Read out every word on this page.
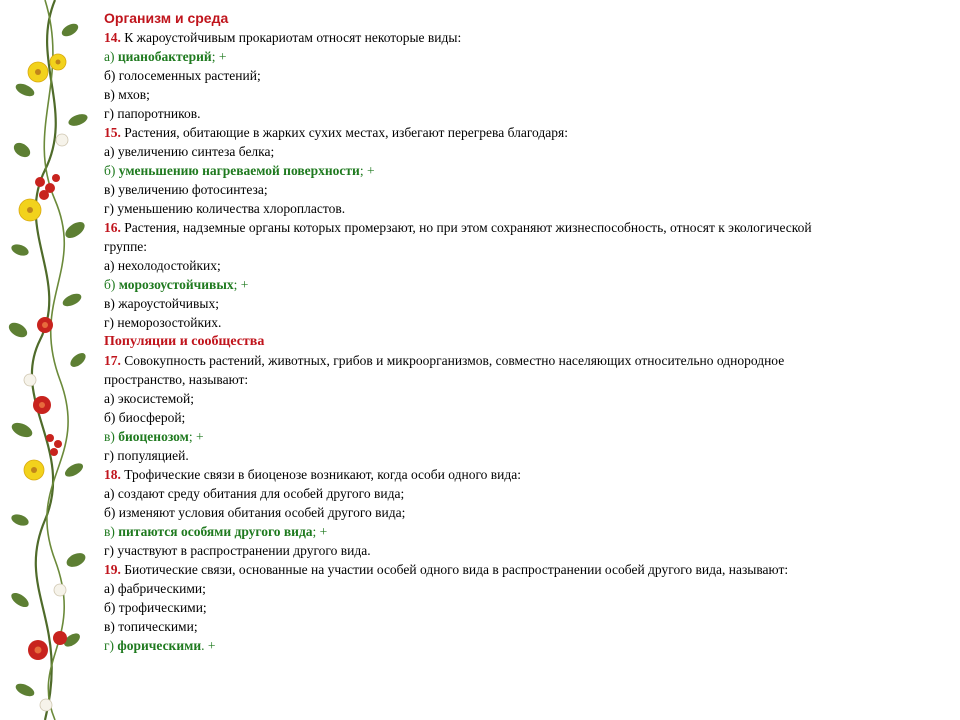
Организм и среда
14. К жароустойчивым прокариотам относят некоторые виды:
а) цианобактерий; +
б) голосеменных растений;
в) мхов;
г) папоротников.
15. Растения, обитающие в жарких сухих местах, избегают перегрева благодаря:
а) увеличению синтеза белка;
б) уменьшению нагреваемой поверхности; +
в) увеличению фотосинтеза;
г) уменьшению количества хлоропластов.
16. Растения, надземные органы которых промерзают, но при этом сохраняют жизнеспособность, относят к экологической группе:
а) нехолодостойких;
б) морозоустойчивых; +
в) жароустойчивых;
г) неморозостойких.
Популяции и сообщества
17. Совокупность растений, животных, грибов и микроорганизмов, совместно населяющих относительно однородное пространство, называют:
а) экосистемой;
б) биосферой;
в) биоценозом; +
г) популяцией.
18. Трофические связи в биоценозе возникают, когда особи одного вида:
а) создают среду обитания для особей другого вида;
б) изменяют условия обитания особей другого вида;
в) питаются особями другого вида; +
г) участвуют в распространении другого вида.
19. Биотические связи, основанные на участии особей одного вида в распространении особей другого вида, называют:
а) фабрическими;
б) трофическими;
в) топическими;
г) форическими. +
